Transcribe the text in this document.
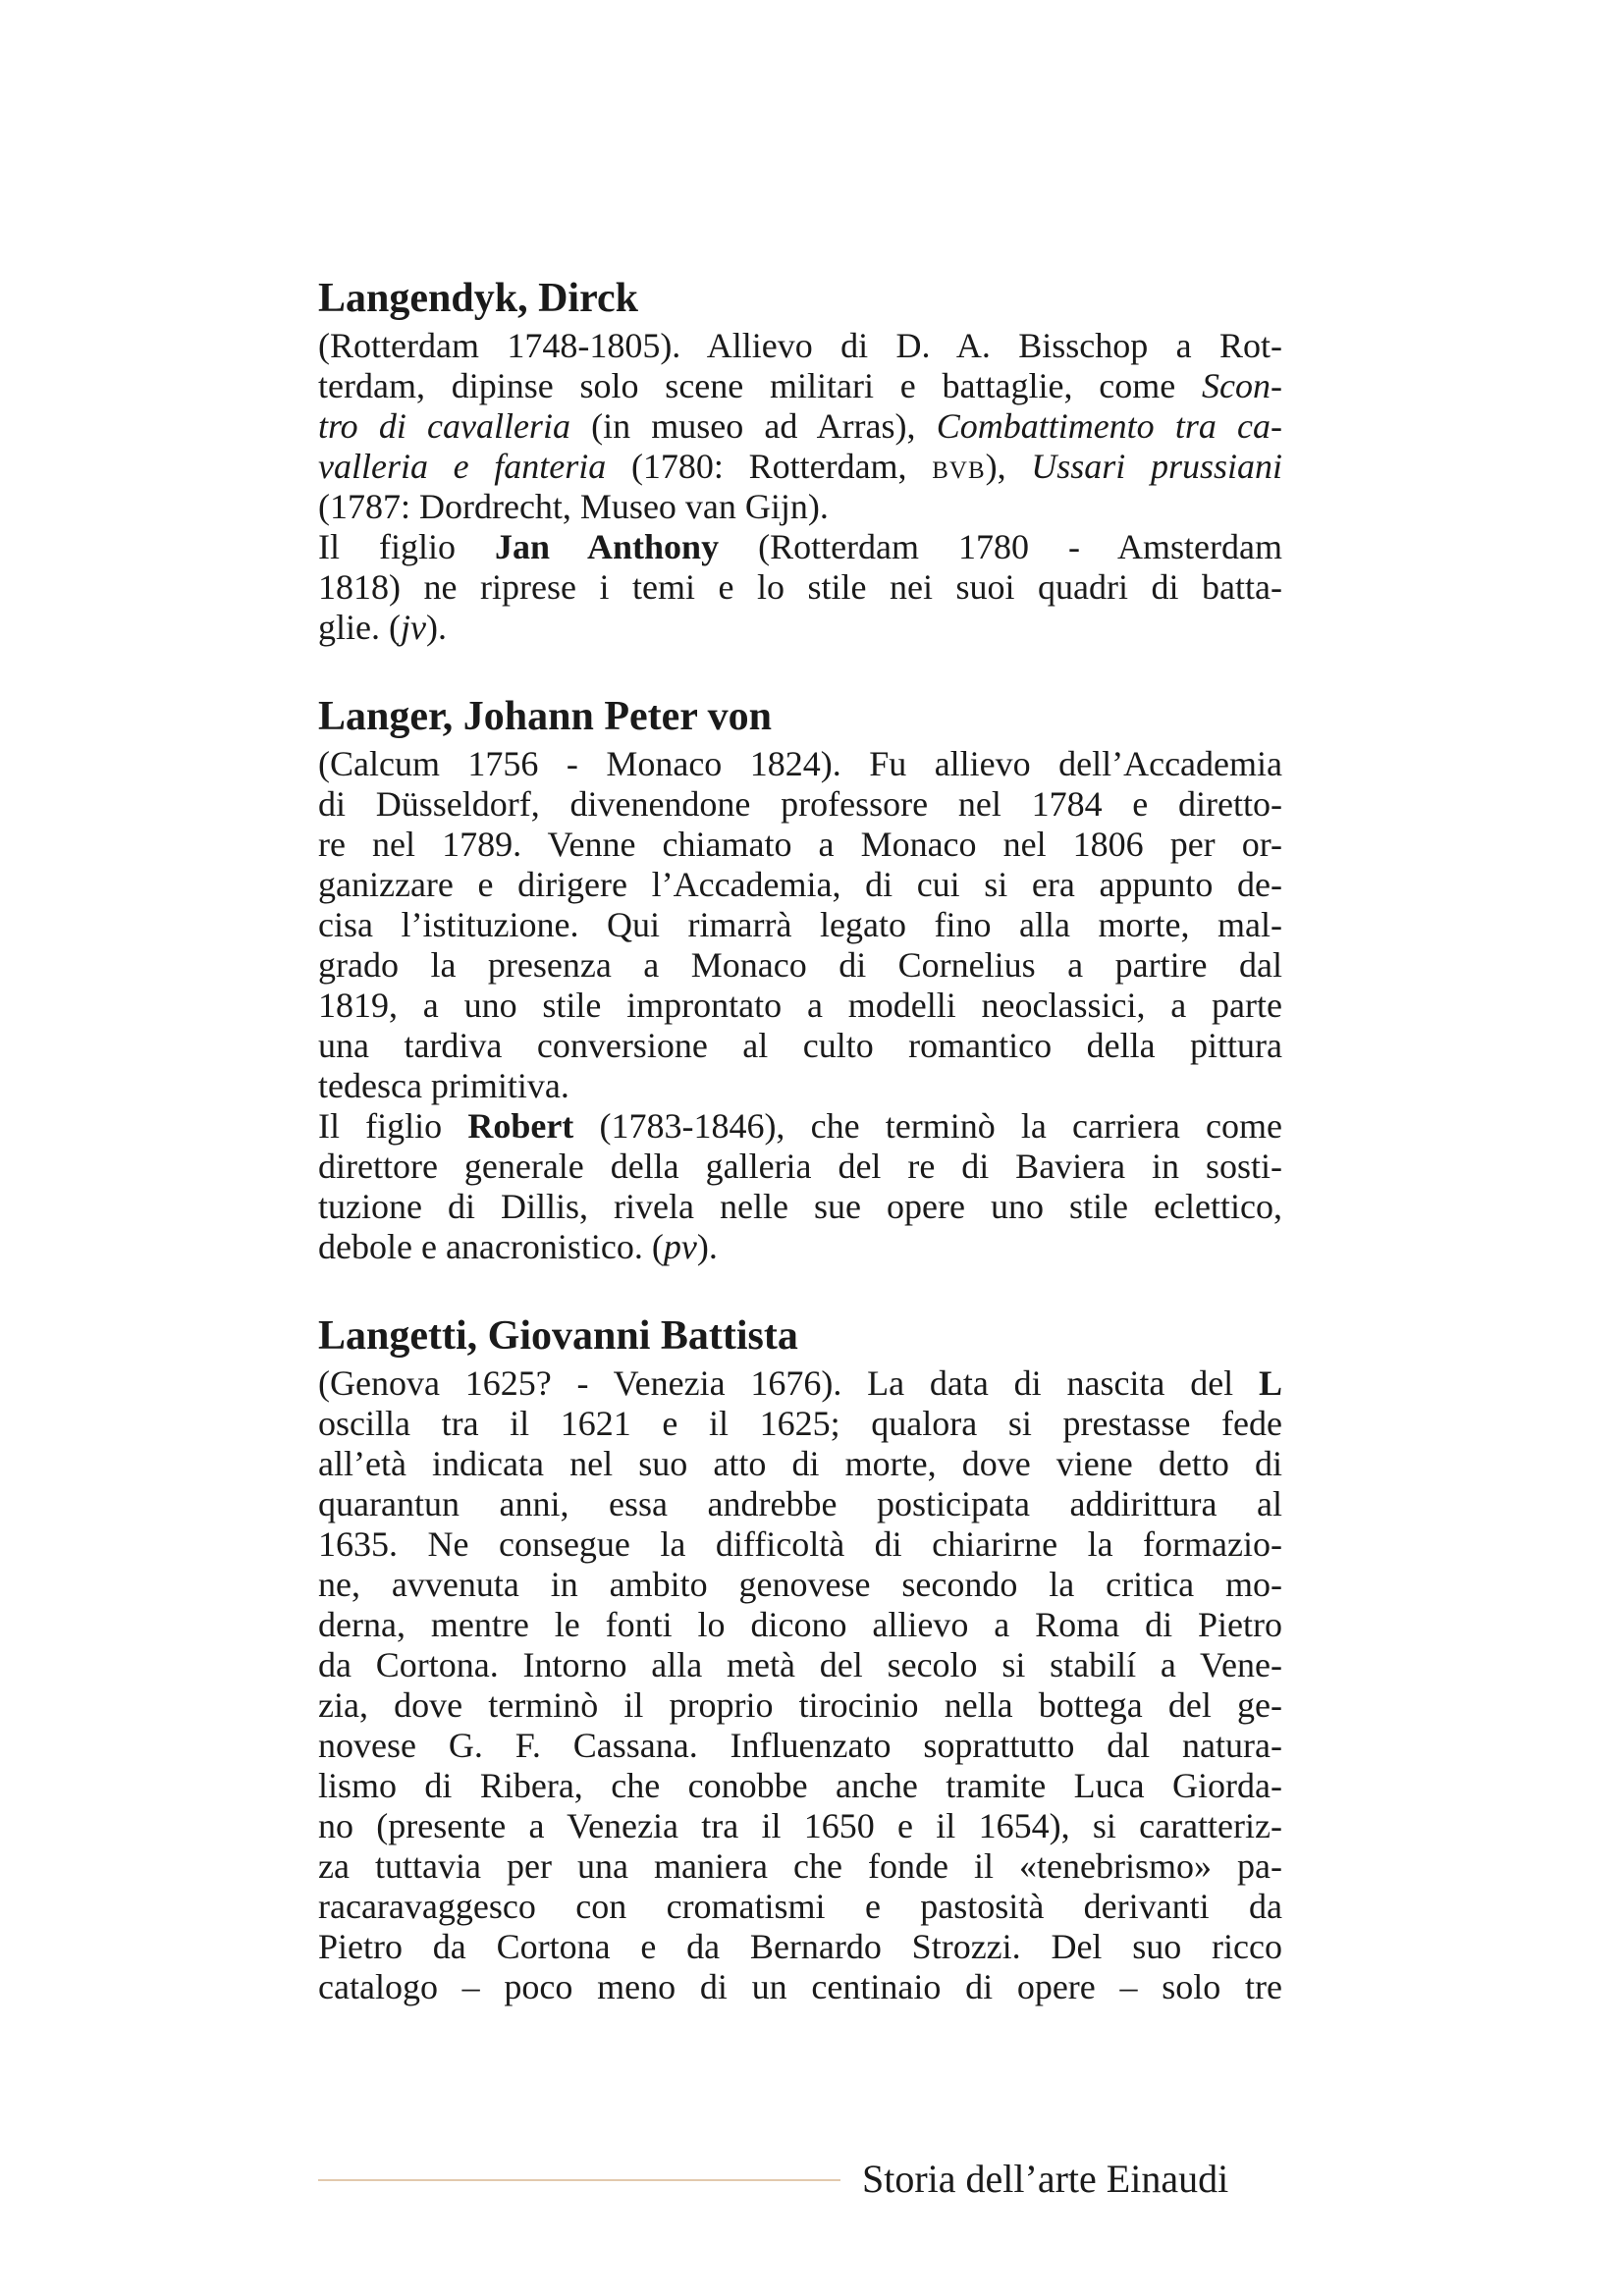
Langendyk, Dirck
(Rotterdam 1748-1805). Allievo di D. A. Bisschop a Rot-
terdam, dipinse solo scene militari e battaglie, come Scon-
tro di cavalleria (in museo ad Arras), Combattimento tra ca-
valleria e fanteria (1780: Rotterdam, bvb), Ussari prussiani
(1787: Dordrecht, Museo van Gijn).
Il figlio Jan Anthony (Rotterdam 1780 - Amsterdam
1818) ne riprese i temi e lo stile nei suoi quadri di batta-
glie. (jv).
Langer, Johann Peter von
(Calcum 1756 - Monaco 1824). Fu allievo dell’Accademia
di Düsseldorf, divenendone professore nel 1784 e diretto-
re nel 1789. Venne chiamato a Monaco nel 1806 per or-
ganizzare e dirigere l’Accademia, di cui si era appunto de-
cisa l’istituzione. Qui rimarrà legato fino alla morte, mal-
grado la presenza a Monaco di Cornelius a partire dal
1819, a uno stile improntato a modelli neoclassici, a parte
una tardiva conversione al culto romantico della pittura
tedesca primitiva.
Il figlio Robert (1783-1846), che terminò la carriera come
direttore generale della galleria del re di Baviera in sosti-
tuzione di Dillis, rivela nelle sue opere uno stile eclettico,
debole e anacronistico. (pv).
Langetti, Giovanni Battista
(Genova 1625? - Venezia 1676). La data di nascita del L
oscilla tra il 1621 e il 1625; qualora si prestasse fede
all’età indicata nel suo atto di morte, dove viene detto di
quarantun anni, essa andrebbe posticipata addirittura al
1635. Ne consegue la difficoltà di chiarirne la formazio-
ne, avvenuta in ambito genovese secondo la critica mo-
derna, mentre le fonti lo dicono allievo a Roma di Pietro
da Cortona. Intorno alla metà del secolo si stabilí a Vene-
zia, dove terminò il proprio tirocinio nella bottega del ge-
novese G. F. Cassana. Influenzato soprattutto dal natura-
lismo di Ribera, che conobbe anche tramite Luca Giorda-
no (presente a Venezia tra il 1650 e il 1654), si caratteriz-
za tuttavia per una maniera che fonde il «tenebrismo» pa-
racaravaggesco con cromatismi e pastosità derivanti da
Pietro da Cortona e da Bernardo Strozzi. Del suo ricco
catalogo – poco meno di un centinaio di opere – solo tre
Storia dell’arte Einaudi
